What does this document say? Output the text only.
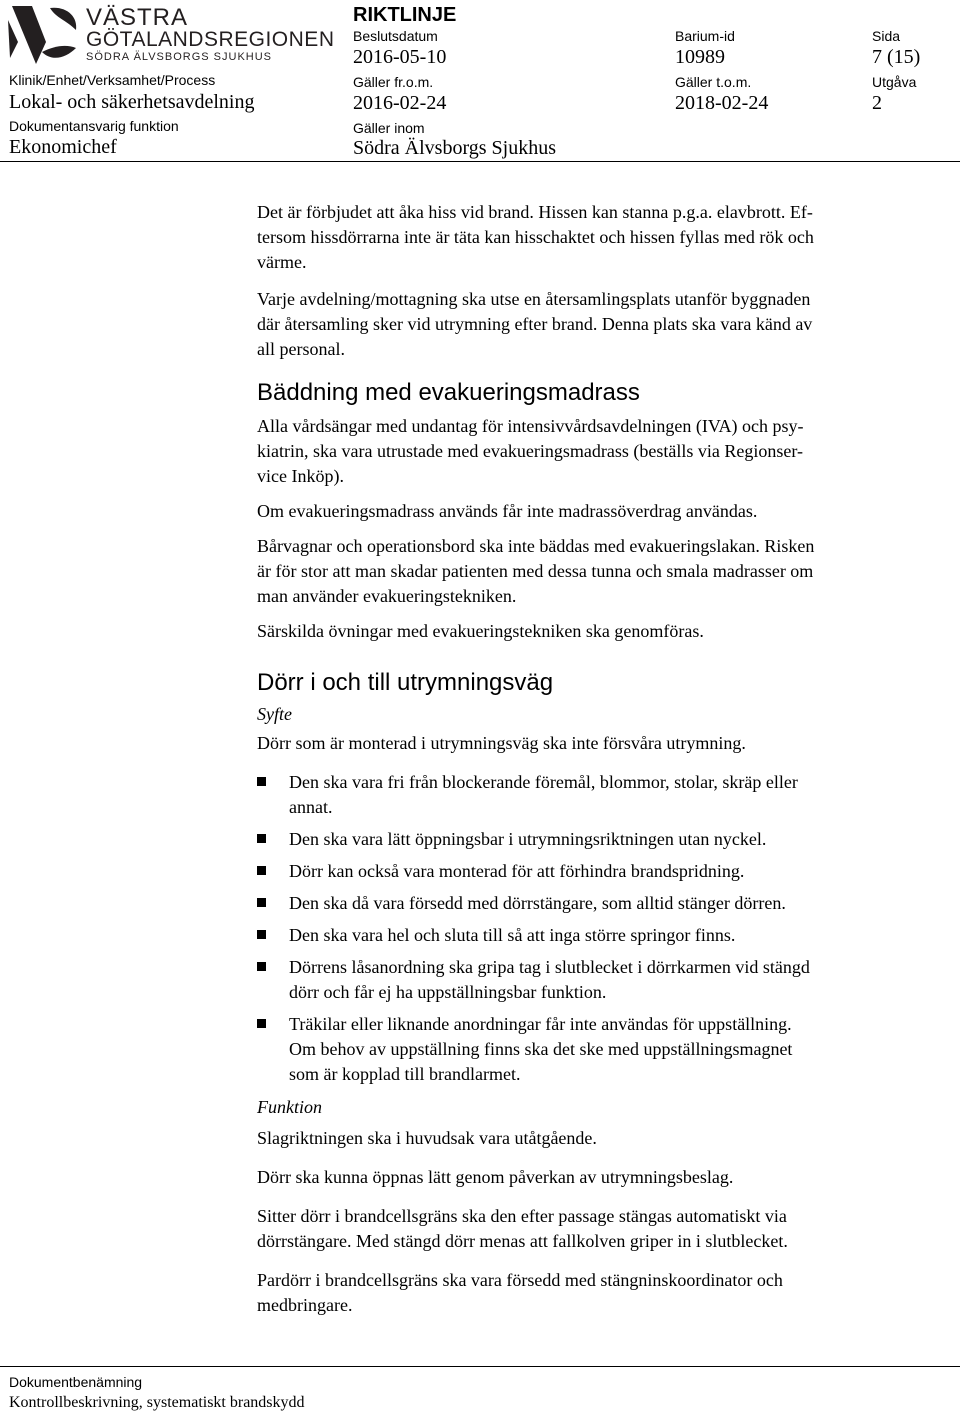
VÄSTRA
GÖTALANDSREGIONEN
SÖDRA ÄLVSBORGS SJUKHUS
RIKTLINJE
Beslutsdatum
2016-05-10
Barium-id
10989
Sida
7 (15)
Klinik/Enhet/Verksamhet/Process
Lokal- och säkerhetsavdelning
Gäller fr.o.m.
2016-02-24
Gäller t.o.m.
2018-02-24
Utgåva
2
Dokumentansvarig funktion
Ekonomichef
Gäller inom
Södra Älvsborgs Sjukhus

Det är förbjudet att åka hiss vid brand. Hissen kan stanna p.g.a. elavbrott. Ef-
tersom hissdörrarna inte är täta kan hisschaktet och hissen fyllas med rök och
värme.

Varje avdelning/mottagning ska utse en återsamlingsplats utanför byggnaden
där återsamling sker vid utrymning efter brand. Denna plats ska vara känd av
all personal.

Bäddning med evakueringsmadrass

Alla vårdsängar med undantag för intensivvårdsavdelningen (IVA) och psy-
kiatrin, ska vara utrustade med evakueringsmadrass (beställs via Regionser-
vice Inköp).

Om evakueringsmadrass används får inte madrassöverdrag användas.

Bårvagnar och operationsbord ska inte bäddas med evakueringslakan. Risken
är för stor att man skadar patienten med dessa tunna och smala madrasser om
man använder evakueringstekniken.

Särskilda övningar med evakueringstekniken ska genomföras.

Dörr i och till utrymningsväg

Syfte

Dörr som är monterad i utrymningsväg ska inte försvåra utrymning.

Den ska vara fri från blockerande föremål, blommor, stolar, skräp eller
annat.
Den ska vara lätt öppningsbar i utrymningsriktningen utan nyckel.
Dörr kan också vara monterad för att förhindra brandspridning.
Den ska då vara försedd med dörrstängare, som alltid stänger dörren.
Den ska vara hel och sluta till så att inga större springor finns.
Dörrens låsanordning ska gripa tag i slutblecket i dörrkarmen vid stängd
dörr och får ej ha uppställningsbar funktion.
Träkilar eller liknande anordningar får inte användas för uppställning.
Om behov av uppställning finns ska det ske med uppställningsmagnet
som är kopplad till brandlarmet.

Funktion

Slagriktningen ska i huvudsak vara utåtgående.

Dörr ska kunna öppnas lätt genom påverkan av utrymningsbeslag.

Sitter dörr i brandcellsgräns ska den efter passage stängas automatiskt via
dörrstängare. Med stängd dörr menas att fallkolven griper in i slutblecket.

Pardörr i brandcellsgräns ska vara försedd med stängninskoordinator och
medbringare.

Dokumentbenämning
Kontrollbeskrivning, systematiskt brandskydd
